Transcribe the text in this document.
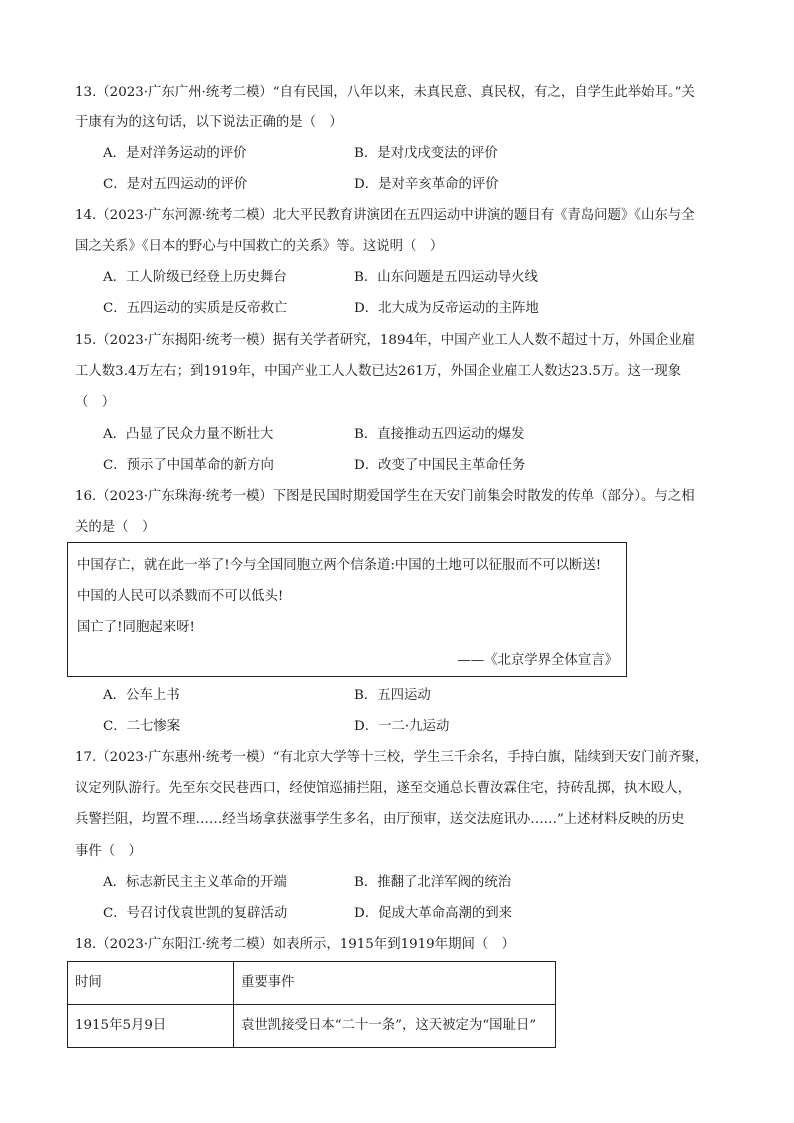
13.（2023·广东广州·统考二模）“自有民国，八年以来，未真民意、真民权，有之，自学生此举始耳。”关
于康有为的这句话，以下说法正确的是（　）
A．是对洋务运动的评价	B．是对戊戌变法的评价
C．是对五四运动的评价	D．是对辛亥革命的评价
14.（2023·广东河源·统考二模）北大平民教育讲演团在五四运动中讲演的题目有《青岛问题》《山东与全
国之关系》《日本的野心与中国救亡的关系》等。这说明（　）
A．工人阶级已经登上历史舞台	B．山东问题是五四运动导火线
C．五四运动的实质是反帝救亡	D．北大成为反帝运动的主阵地
15.（2023·广东揭阳·统考一模）据有关学者研究，1894年，中国产业工人人数不超过十万，外国企业雇
工人数3.4万左右；到1919年，中国产业工人人数已达261万，外国企业雇工人数达23.5万。这一现象
（　）
A．凸显了民众力量不断壮大	B．直接推动五四运动的爆发
C．预示了中国革命的新方向	D．改变了中国民主革命任务
16.（2023·广东珠海·统考一模）下图是民国时期爱国学生在天安门前集会时散发的传单（部分）。与之相
关的是（　）
中国存亡，就在此一举了!今与全国同胞立两个信条道:中国的土地可以征服而不可以断送!
中国的人民可以杀戮而不可以低头!
国亡了!同胞起来呀!
——《北京学界全体宣言》
A．公车上书	B．五四运动
C．二七惨案	D．一二·九运动
17.（2023·广东惠州·统考一模）“有北京大学等十三校，学生三千余名，手持白旗，陆续到天安门前齐聚，
议定列队游行。先至东交民巷西口，经使馆巡捕拦阻，遂至交通总长曹汝霖住宅，持砖乱掷，执木殴人，
兵警拦阻，均置不理……经当场拿获滋事学生多名，由厅预审，送交法庭讯办……”上述材料反映的历史
事件（　）
A．标志新民主主义革命的开端	B．推翻了北洋军阀的统治
C．号召讨伐袁世凯的复辟活动	D．促成大革命高潮的到来
18.（2023·广东阳江·统考二模）如表所示，1915年到1919年期间（　）
时间	重要事件
1915年5月9日	袁世凯接受日本“二十一条”，这天被定为“国耻日”
